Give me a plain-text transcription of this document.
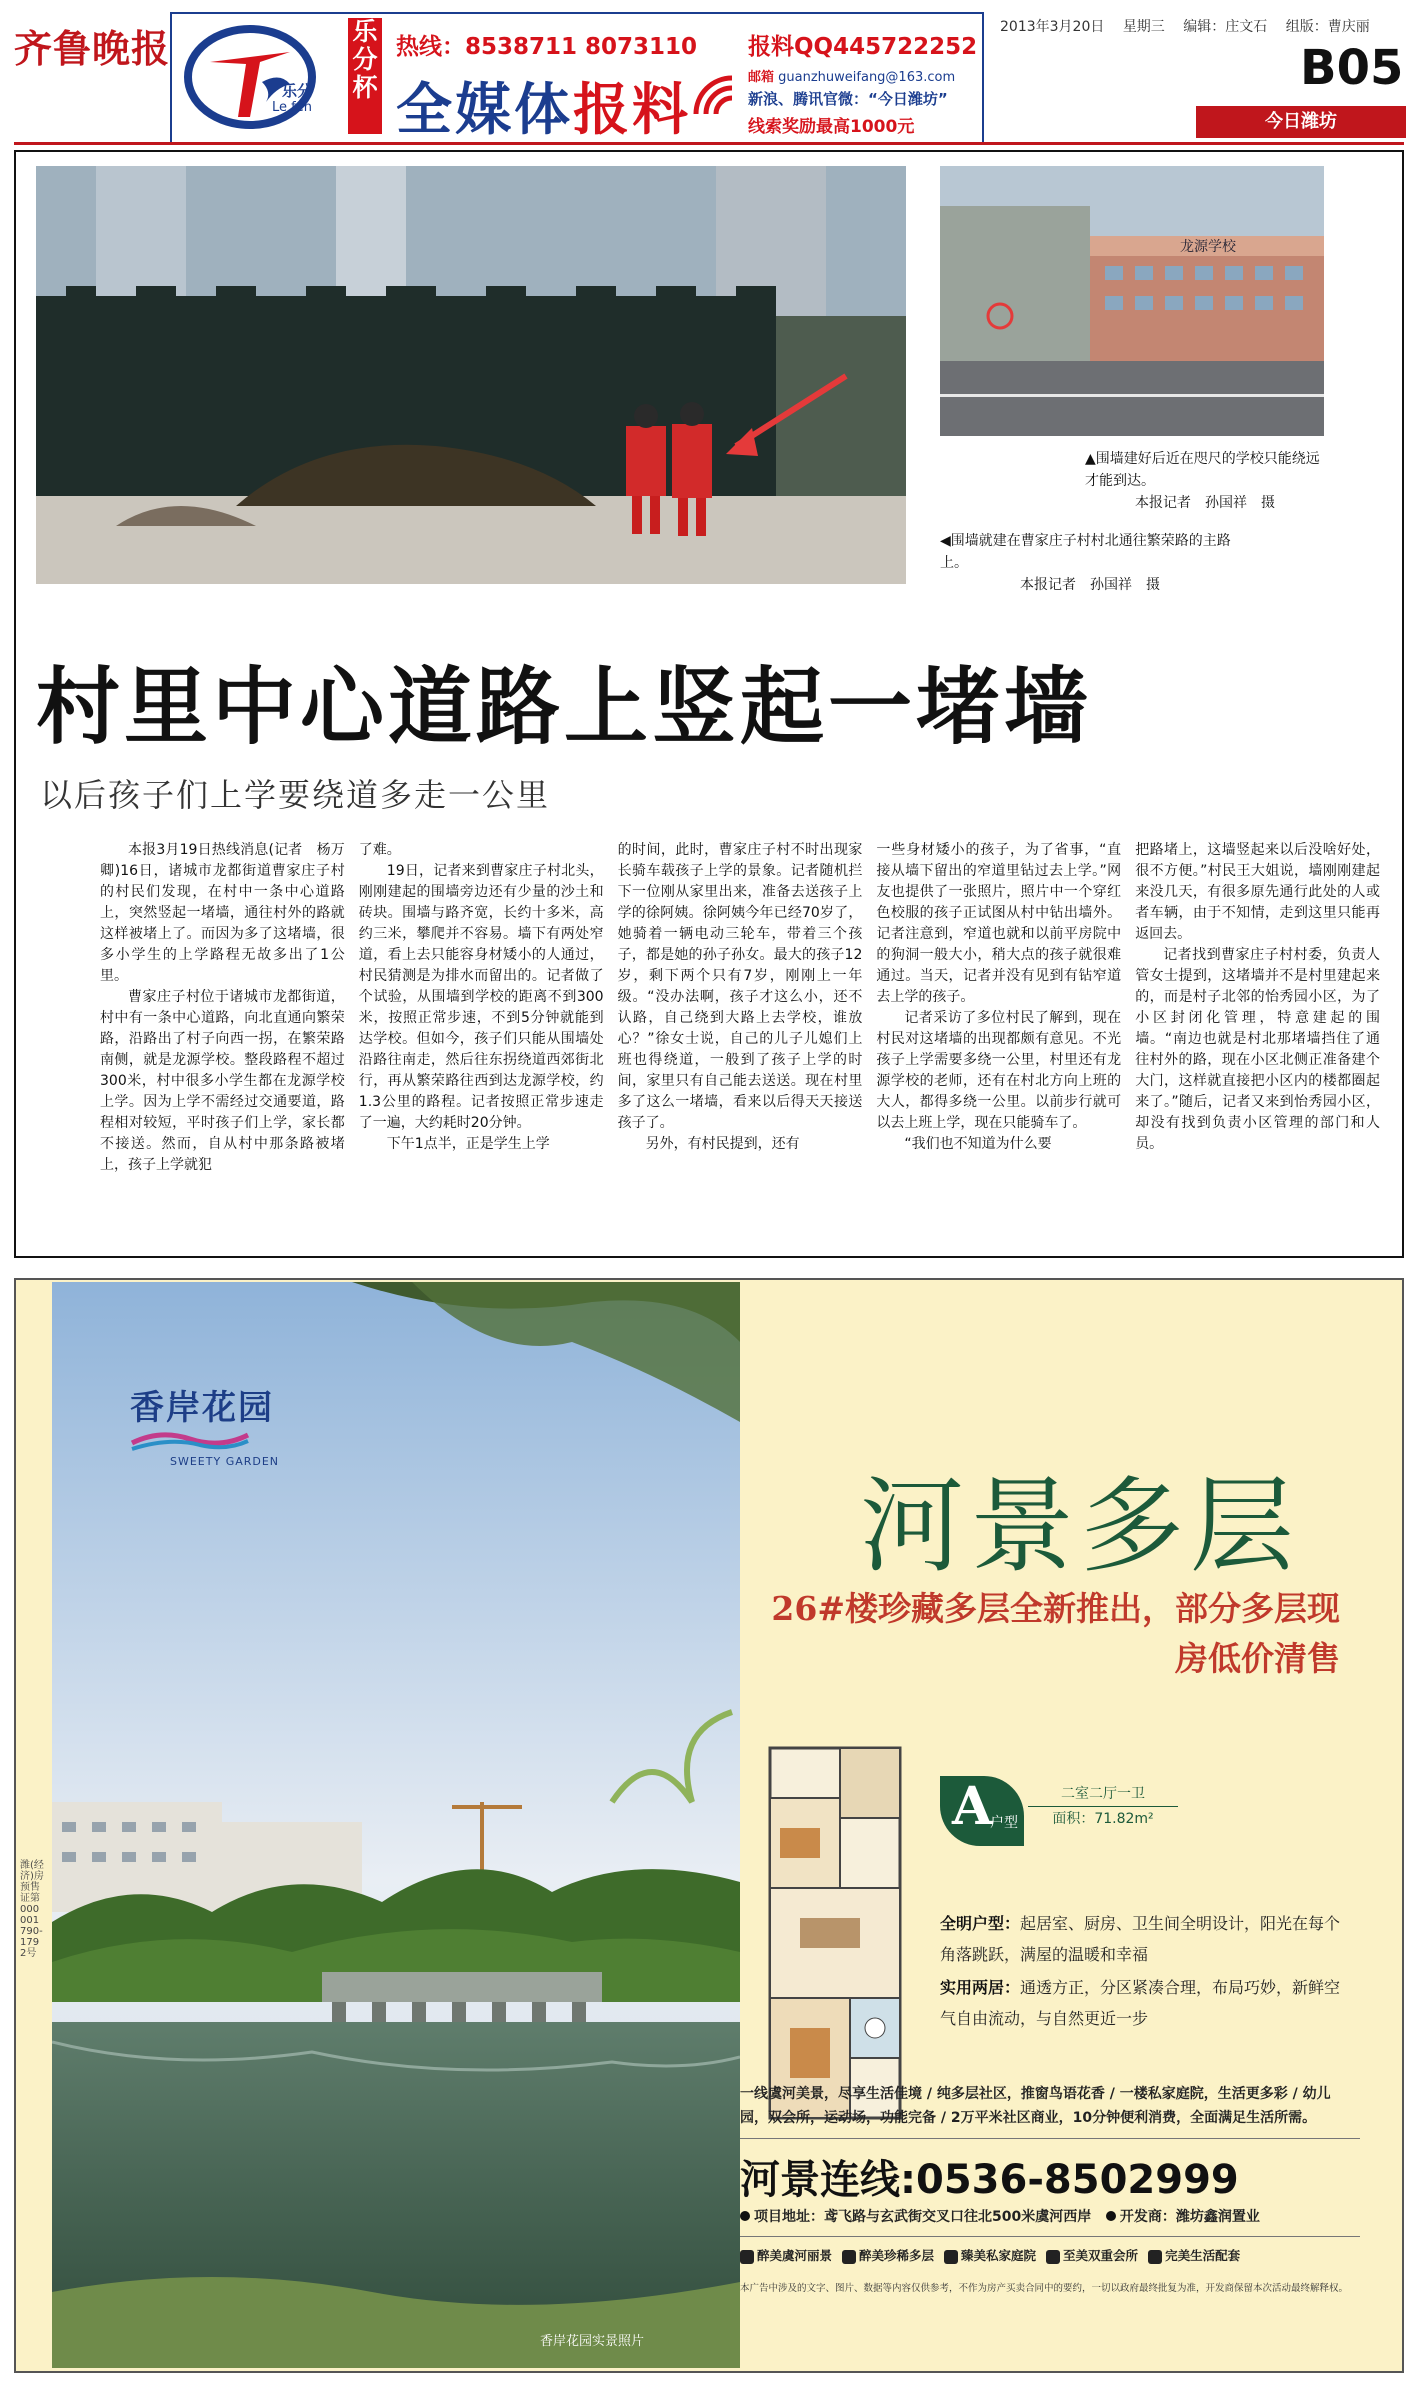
齐鲁晚报
乐分
Le fen
乐分杯
热线：8538711 8073110
全媒体报料
报料QQ445722252
邮箱 guanzhuweifang@163.com
新浪、腾讯官微：“今日潍坊”
线索奖励最高1000元
2013年3月20日 星期三 编辑：庄文石 组版：曹庆丽
B05
今日潍坊
龙源学校
▲围墙建好后近在咫尺的学校只能绕远才能到达。
本报记者　孙国祥　摄
◀围墙就建在曹家庄子村村北通往繁荣路的主路上。
本报记者　孙国祥　摄
村里中心道路上竖起一堵墙
以后孩子们上学要绕道多走一公里

本报3月19日热线消息(记者　杨万卿)16日，诸城市龙都街道曹家庄子村的村民们发现，在村中一条中心道路上，突然竖起一堵墙，通往村外的路就这样被堵上了。而因为多了这堵墙，很多小学生的上学路程无故多出了1公里。

曹家庄子村位于诸城市龙都街道，村中有一条中心道路，向北直通向繁荣路，沿路出了村子向西一拐，在繁荣路南侧，就是龙源学校。整段路程不超过300米，村中很多小学生都在龙源学校上学。因为上学不需经过交通要道，路程相对较短，平时孩子们上学，家长都不接送。然而，自从村中那条路被堵上，孩子上学就犯

了难。

19日，记者来到曹家庄子村北头，刚刚建起的围墙旁边还有少量的沙土和砖块。围墙与路齐宽，长约十多米，高约三米，攀爬并不容易。墙下有两处窄道，看上去只能容身材矮小的人通过，村民猜测是为排水而留出的。记者做了个试验，从围墙到学校的距离不到300米，按照正常步速，不到5分钟就能到达学校。但如今，孩子们只能从围墙处沿路往南走，然后往东拐绕道西郊街北行，再从繁荣路往西到达龙源学校，约1.3公里的路程。记者按照正常步速走了一遍，大约耗时20分钟。

下午1点半，正是学生上学

的时间，此时，曹家庄子村不时出现家长骑车载孩子上学的景象。记者随机拦下一位刚从家里出来，准备去送孩子上学的徐阿姨。徐阿姨今年已经70岁了，她骑着一辆电动三轮车，带着三个孩子，都是她的孙子孙女。最大的孩子12岁，剩下两个只有7岁，刚刚上一年级。“没办法啊，孩子才这么小，还不认路，自己绕到大路上去学校，谁放心？”徐女士说，自己的儿子儿媳们上班也得绕道，一般到了孩子上学的时间，家里只有自己能去送送。现在村里多了这么一堵墙，看来以后得天天接送孩子了。

另外，有村民提到，还有

一些身材矮小的孩子，为了省事，“直接从墙下留出的窄道里钻过去上学。”网友也提供了一张照片，照片中一个穿红色校服的孩子正试图从村中钻出墙外。记者注意到，窄道也就和以前平房院中的狗洞一般大小，稍大点的孩子就很难通过。当天，记者并没有见到有钻窄道去上学的孩子。

记者采访了多位村民了解到，现在村民对这堵墙的出现都颇有意见。不光孩子上学需要多绕一公里，村里还有龙源学校的老师，还有在村北方向上班的大人，都得多绕一公里。以前步行就可以去上班上学，现在只能骑车了。

“我们也不知道为什么要

把路堵上，这墙竖起来以后没啥好处，很不方便。”村民王大姐说，墙刚刚建起来没几天，有很多原先通行此处的人或者车辆，由于不知情，走到这里只能再返回去。

记者找到曹家庄子村村委，负责人管女士提到，这堵墙并不是村里建起来的，而是村子北邻的怡秀园小区，为了小区封闭化管理，特意建起的围墙。“南边也就是村北那堵墙挡住了通往村外的路，现在小区北侧正准备建个大门，这样就直接把小区内的楼都圈起来了。”随后，记者又来到怡秀园小区，却没有找到负责小区管理的部门和人员。

潍(经济)房预售证第000001790-1792号
香岸花园
SWEETY GARDEN
香岸花园实景照片
河景多层
26#楼珍藏多层全新推出，部分多层现房低价清售
A
户型
二室二厅一卫
面积：71.82m²
全明户型：起居室、厨房、卫生间全明设计，阳光在每个角落跳跃，满屋的温暖和幸福
实用两居：通透方正，分区紧凑合理，布局巧妙，新鲜空气自由流动，与自然更近一步
一线虞河美景，尽享生活佳境 / 纯多层社区，推窗鸟语花香 / 一楼私家庭院，生活更多彩 / 幼儿园，双会所，运动场，功能完备 / 2万平米社区商业，10分钟便利消费，全面满足生活所需。
河景连线:0536-8502999
项目地址：鸢飞路与玄武街交叉口往北500米虞河西岸 开发商：潍坊鑫润置业
醉美虞河丽景	醉美珍稀多层	臻美私家庭院	至美双重会所	完美生活配套
本广告中涉及的文字、图片、数据等内容仅供参考，不作为房产买卖合同中的要约，一切以政府最终批复为准，开发商保留本次活动最终解释权。
